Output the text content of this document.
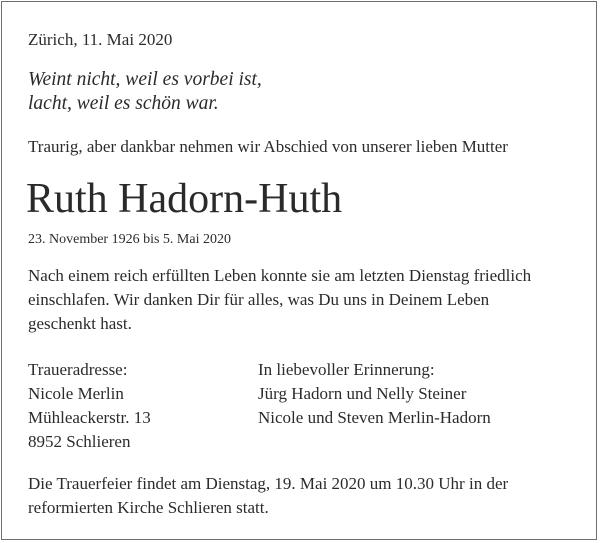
Zürich, 11. Mai 2020
Weint nicht, weil es vorbei ist,
lacht, weil es schön war.
Traurig, aber dankbar nehmen wir Abschied von unserer lieben Mutter
Ruth Hadorn-Huth
23. November 1926 bis 5. Mai 2020
Nach einem reich erfüllten Leben konnte sie am letzten Dienstag friedlich
einschlafen. Wir danken Dir für alles, was Du uns in Deinem Leben
geschenkt hast.
Traueradresse:
Nicole Merlin
Mühleackerstr. 13
8952 Schlieren
In liebevoller Erinnerung:
Jürg Hadorn und Nelly Steiner
Nicole und Steven Merlin-Hadorn
Die Trauerfeier findet am Dienstag, 19. Mai 2020 um 10.30 Uhr in der
reformierten Kirche Schlieren statt.
